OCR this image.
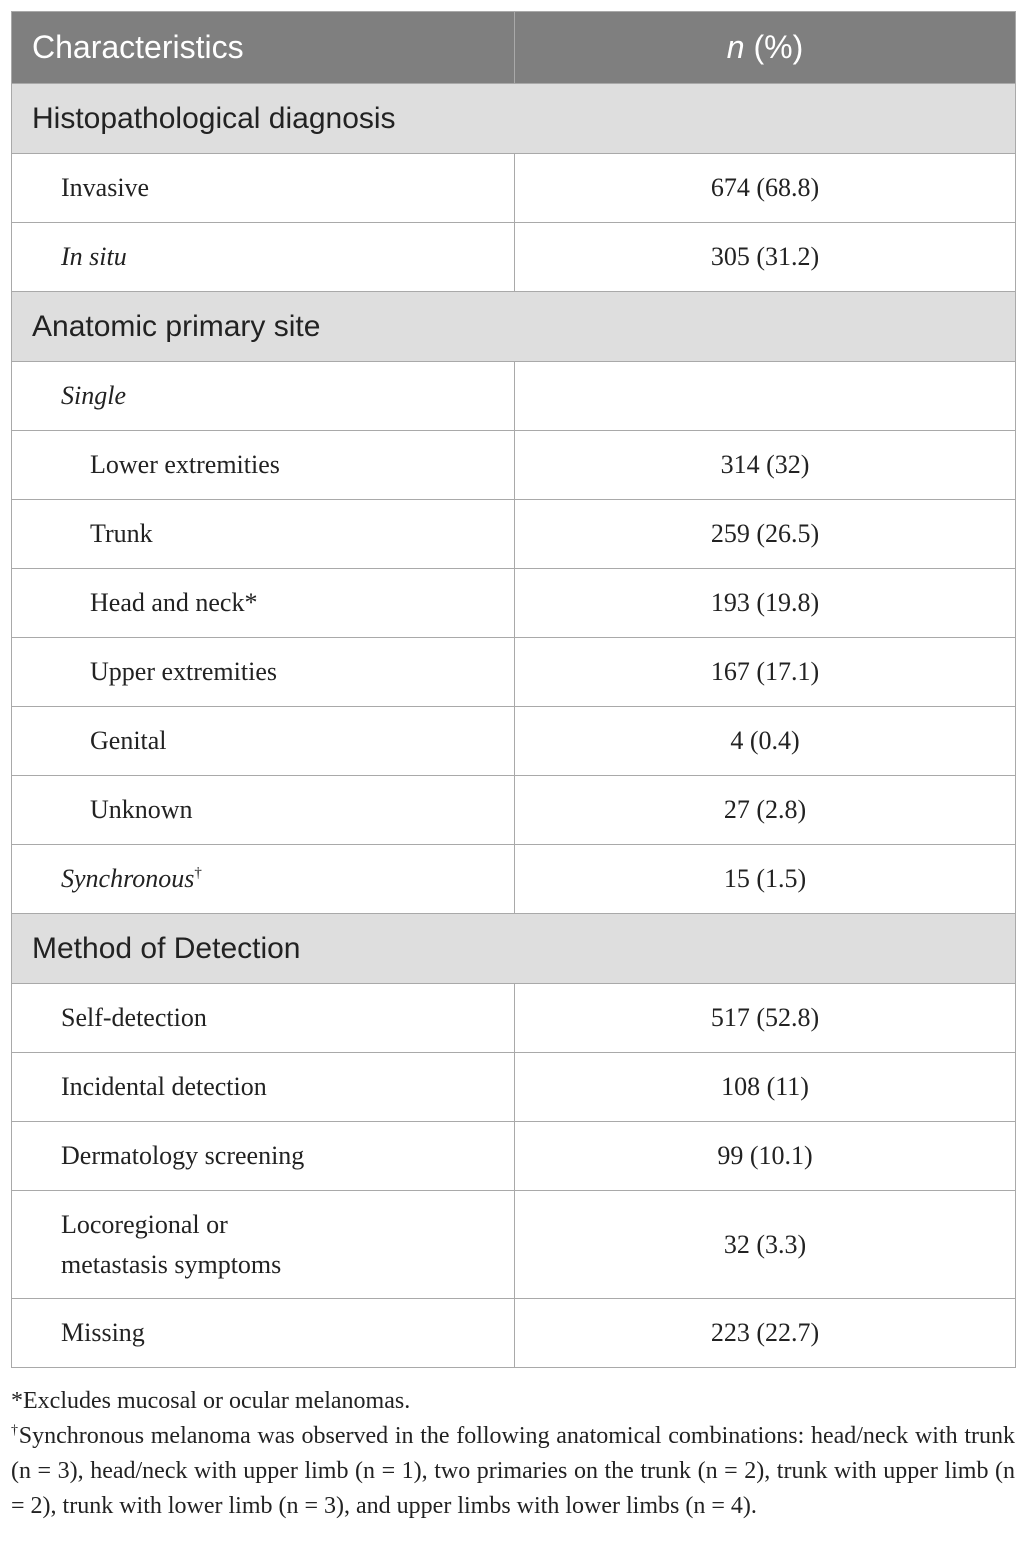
Characteristics	n (%)
Histopathological diagnosis	
Invasive	674 (68.8)
In situ	305 (31.2)
Anatomic primary site	
Single	
Lower extremities	314 (32)
Trunk	259 (26.5)
Head and neck*	193 (19.8)
Upper extremities	167 (17.1)
Genital	4 (0.4)
Unknown	27 (2.8)
Synchronous†	15 (1.5)
Method of Detection	
Self-detection	517 (52.8)
Incidental detection	108 (11)
Dermatology screening	99 (10.1)
Locoregional or
metastasis symptoms	32 (3.3)
Missing	223 (22.7)

*Excludes mucosal or ocular melanomas.

†Synchronous melanoma was observed in the following anatomical combinations: head/neck with trunk (n = 3), head/neck with upper limb (n = 1), two primaries on the trunk (n = 2), trunk with upper limb (n = 2), trunk with lower limb (n = 3), and upper limbs with lower limbs (n = 4).
